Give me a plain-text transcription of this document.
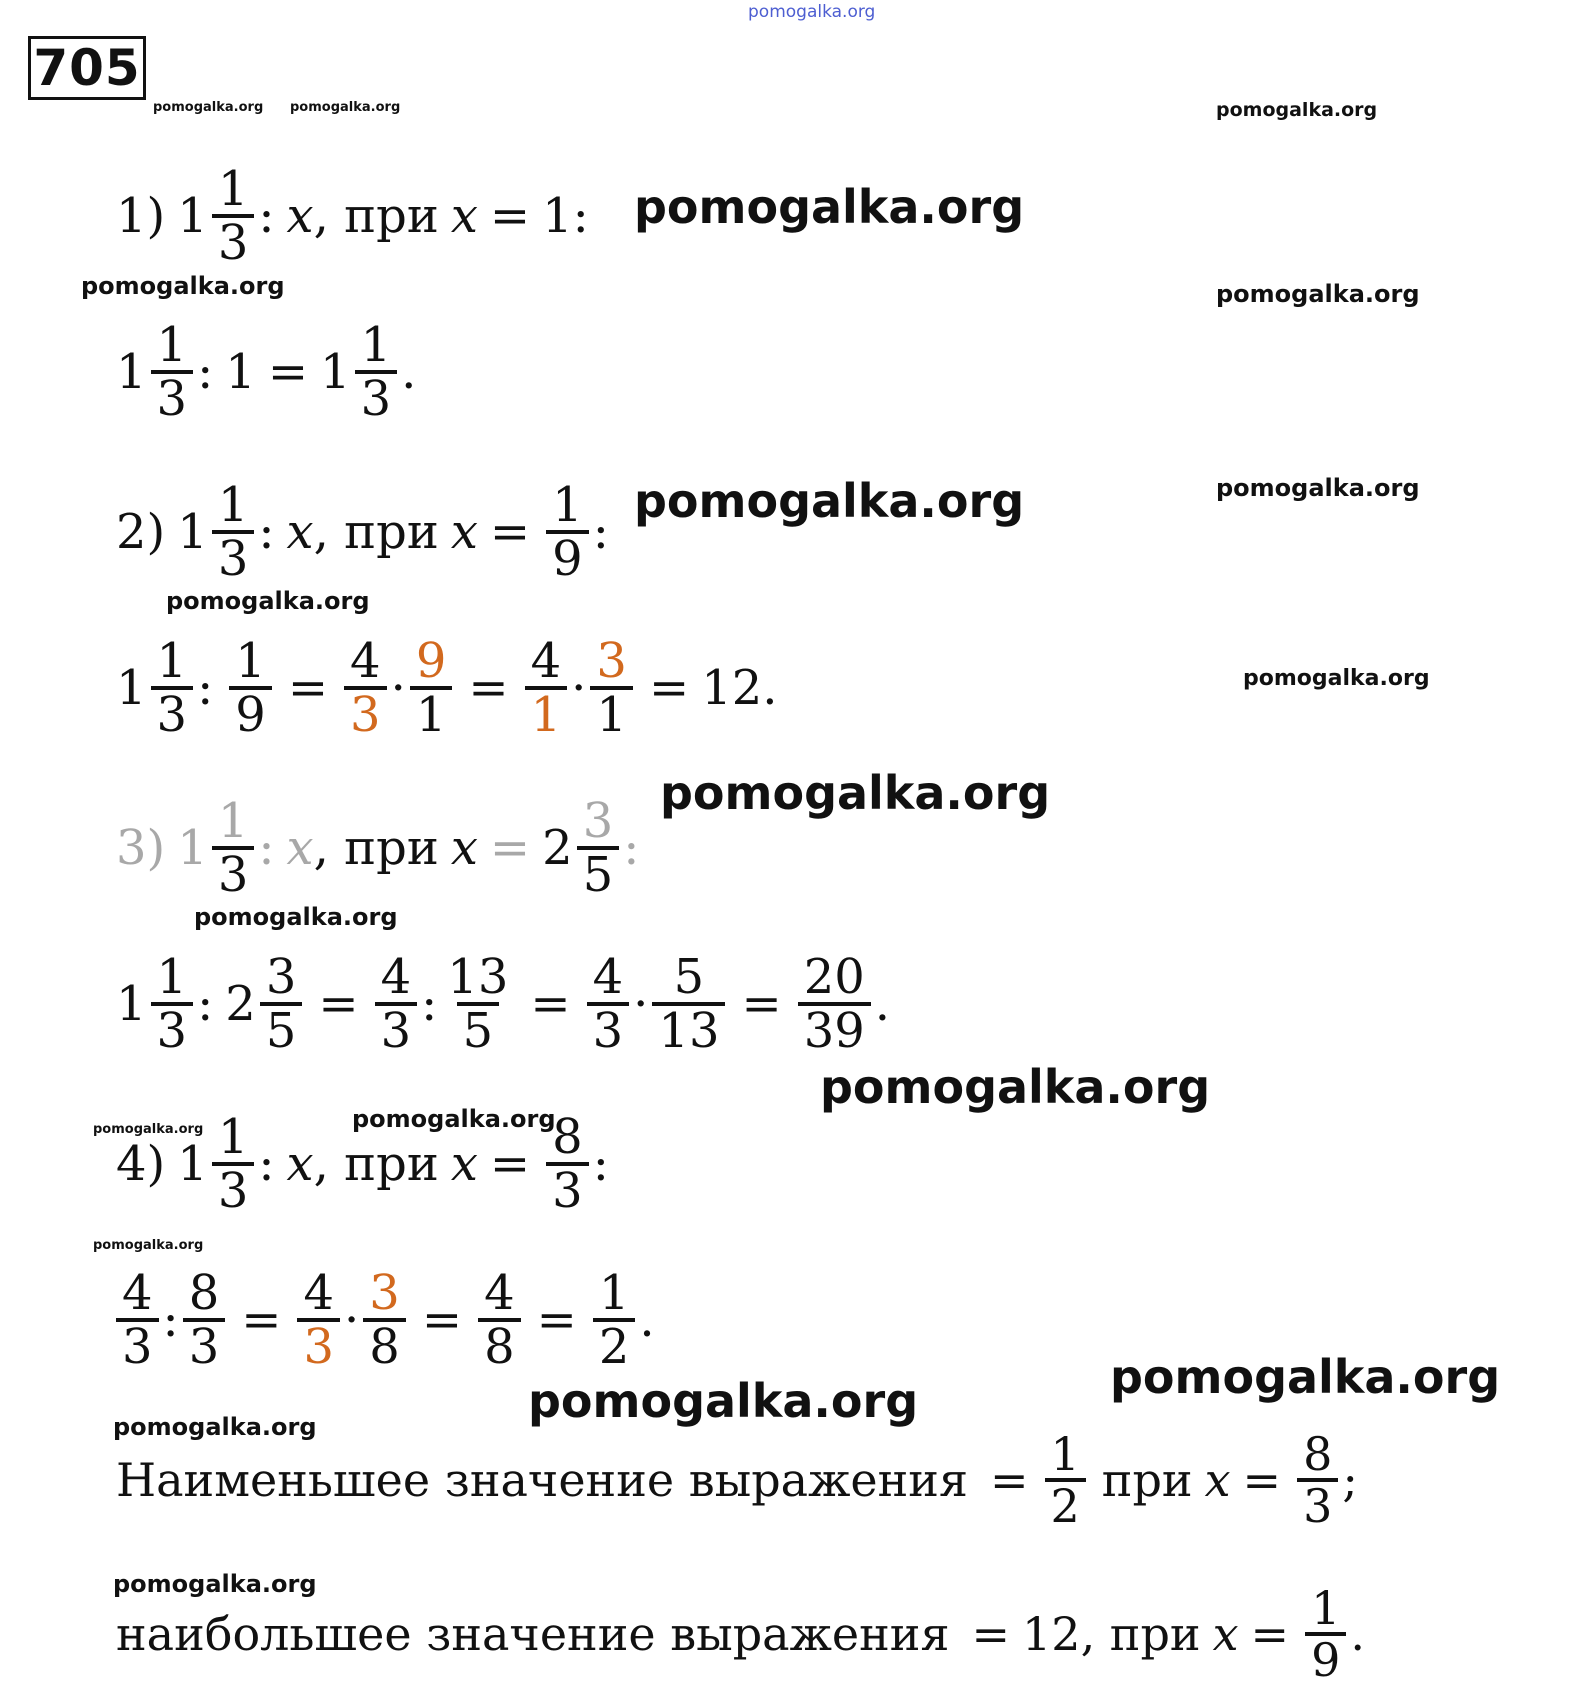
pomogalka.org
705
pomogalka.org pomogalka.org	pomogalka.org
pomogalka.org	pomogalka.org
pomogalka.org
pomogalka.org
pomogalka.org
pomogalka.org
pomogalka.org	pomogalka.org
pomogalka.org
pomogalka.org
pomogalka.org
pomogalka.org
pomogalka.org
pomogalka.org
pomogalka.org
pomogalka.org
pomogalka.org
1) $1 \frac{1}{3}$ : x , при x = 1:
$1 \frac{1}{3}$ : $1 = 1 \frac{1}{3}$ .
2) $1 \frac{1}{3}$ : x , при $x = \frac{1}{9}$ :
$1 \frac{1}{3}$ : $\frac{1}{9} = \frac{4}{3} \cdot \frac{9}{1} = \frac{4}{1} \cdot \frac{3}{1} = 12$ .
3) $1 \frac{1}{3}$ : x , при $x = 2 \frac{3}{5}$ :
$1 \frac{1}{3}$ : $2 \frac{3}{5} = \frac{4}{3}$ : $\frac{13}{5} = \frac{4}{3} \cdot \frac{5}{13} = \frac{20}{39}$ .
4) $1 \frac{1}{3}$ : x , при $x = \frac{8}{3}$ :
$\frac{4}{3}$ : $\frac{8}{3} = \frac{4}{3} \cdot \frac{3}{8} = \frac{4}{8} = \frac{1}{2}$ .
Наименьшее значение выражения = $\frac{1}{2}$ при $x = \frac{8}{3}$ ;
наибольшее значение выражения = 12 , при $x = \frac{1}{9}$ .
